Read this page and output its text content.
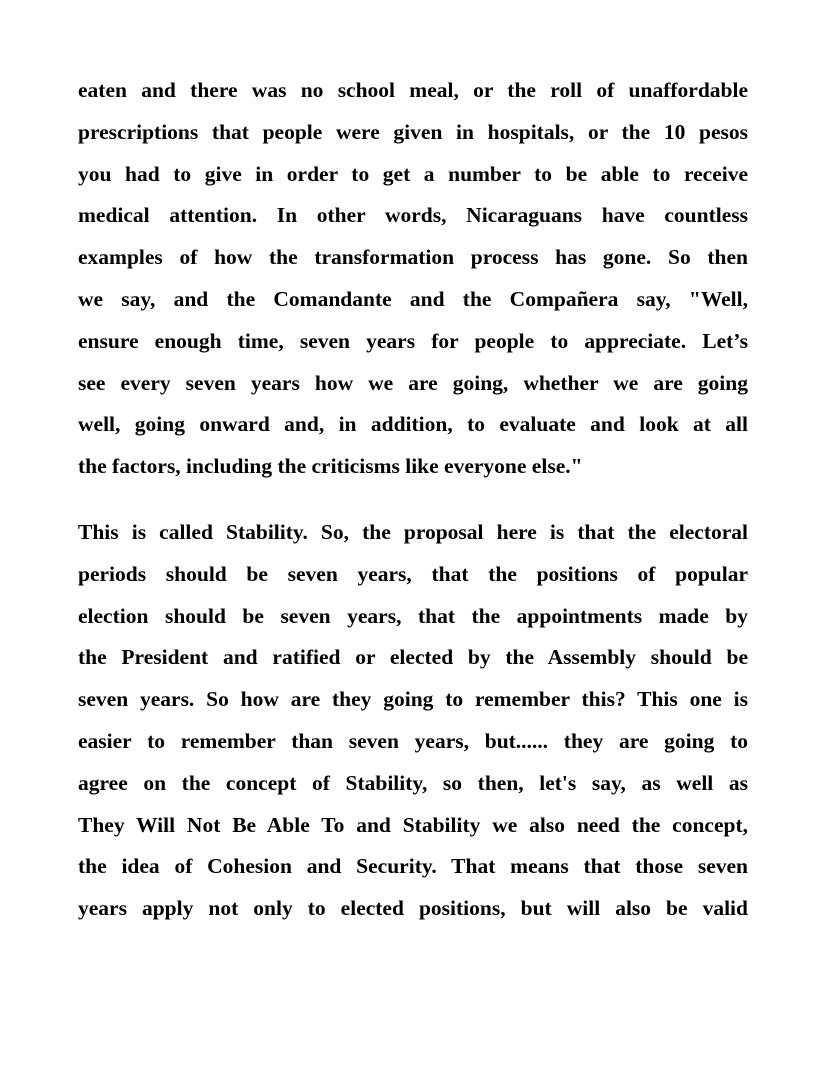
eaten and there was no school meal, or the roll of unaffordable
prescriptions that people were given in hospitals, or the 10 pesos
you had to give in order to get a number to be able to receive
medical attention. In other words, Nicaraguans have countless
examples of how the transformation process has gone. So then
we say, and the Comandante and the Compañera say, "Well,
ensure enough time, seven years for people to appreciate. Let’s
see every seven years how we are going, whether we are going
well, going onward and, in addition, to evaluate and look at all
the factors, including the criticisms like everyone else."
This is called Stability. So, the proposal here is that the electoral
periods should be seven years, that the positions of popular
election should be seven years, that the appointments made by
the President and ratified or elected by the Assembly should be
seven years. So how are they going to remember this? This one is
easier to remember than seven years, but...... they are going to
agree on the concept of Stability, so then, let's say, as well as
They Will Not Be Able To and Stability we also need the concept,
the idea of Cohesion and Security. That means that those seven
years apply not only to elected positions, but will also be valid
